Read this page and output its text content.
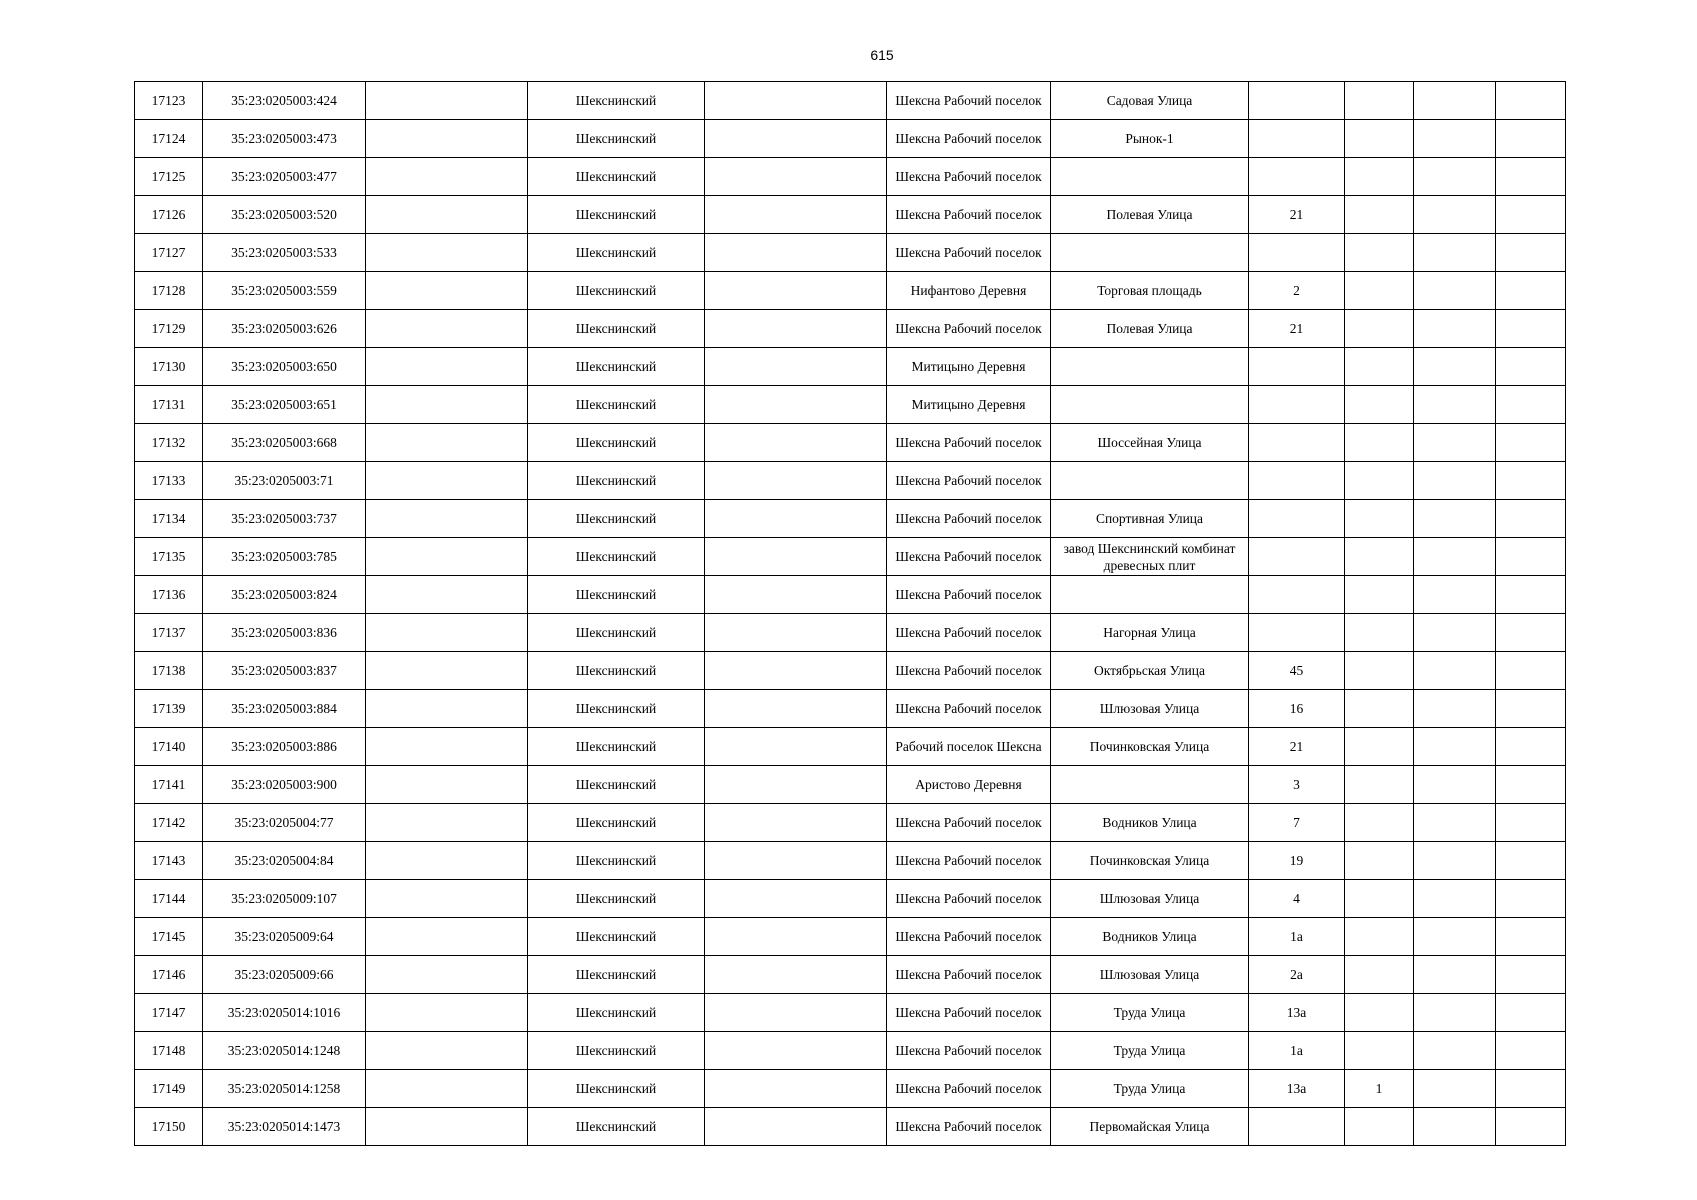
615
17123	35:23:0205003:424		Шекснинский		Шексна Рабочий поселок	Садовая Улица				
17124	35:23:0205003:473		Шекснинский		Шексна Рабочий поселок	Рынок-1				
17125	35:23:0205003:477		Шекснинский		Шексна Рабочий поселок					
17126	35:23:0205003:520		Шекснинский		Шексна Рабочий поселок	Полевая Улица	21			
17127	35:23:0205003:533		Шекснинский		Шексна Рабочий поселок					
17128	35:23:0205003:559		Шекснинский		Нифантово Деревня	Торговая площадь	2			
17129	35:23:0205003:626		Шекснинский		Шексна Рабочий поселок	Полевая Улица	21			
17130	35:23:0205003:650		Шекснинский		Митицыно Деревня					
17131	35:23:0205003:651		Шекснинский		Митицыно Деревня					
17132	35:23:0205003:668		Шекснинский		Шексна Рабочий поселок	Шоссейная Улица				
17133	35:23:0205003:71		Шекснинский		Шексна Рабочий поселок					
17134	35:23:0205003:737		Шекснинский		Шексна Рабочий поселок	Спортивная Улица				
17135	35:23:0205003:785		Шекснинский		Шексна Рабочий поселок	завод Шекснинский комбинат древесных плит				
17136	35:23:0205003:824		Шекснинский		Шексна Рабочий поселок					
17137	35:23:0205003:836		Шекснинский		Шексна Рабочий поселок	Нагорная Улица				
17138	35:23:0205003:837		Шекснинский		Шексна Рабочий поселок	Октябрьская Улица	45			
17139	35:23:0205003:884		Шекснинский		Шексна Рабочий поселок	Шлюзовая Улица	16			
17140	35:23:0205003:886		Шекснинский		Рабочий поселок Шексна	Починковская Улица	21			
17141	35:23:0205003:900		Шекснинский		Аристово Деревня		3			
17142	35:23:0205004:77		Шекснинский		Шексна Рабочий поселок	Водников Улица	7			
17143	35:23:0205004:84		Шекснинский		Шексна Рабочий поселок	Починковская Улица	19			
17144	35:23:0205009:107		Шекснинский		Шексна Рабочий поселок	Шлюзовая Улица	4			
17145	35:23:0205009:64		Шекснинский		Шексна Рабочий поселок	Водников Улица	1а			
17146	35:23:0205009:66		Шекснинский		Шексна Рабочий поселок	Шлюзовая Улица	2а			
17147	35:23:0205014:1016		Шекснинский		Шексна Рабочий поселок	Труда Улица	13а			
17148	35:23:0205014:1248		Шекснинский		Шексна Рабочий поселок	Труда Улица	1а			
17149	35:23:0205014:1258		Шекснинский		Шексна Рабочий поселок	Труда Улица	13а	1		
17150	35:23:0205014:1473		Шекснинский		Шексна Рабочий поселок	Первомайская Улица				
